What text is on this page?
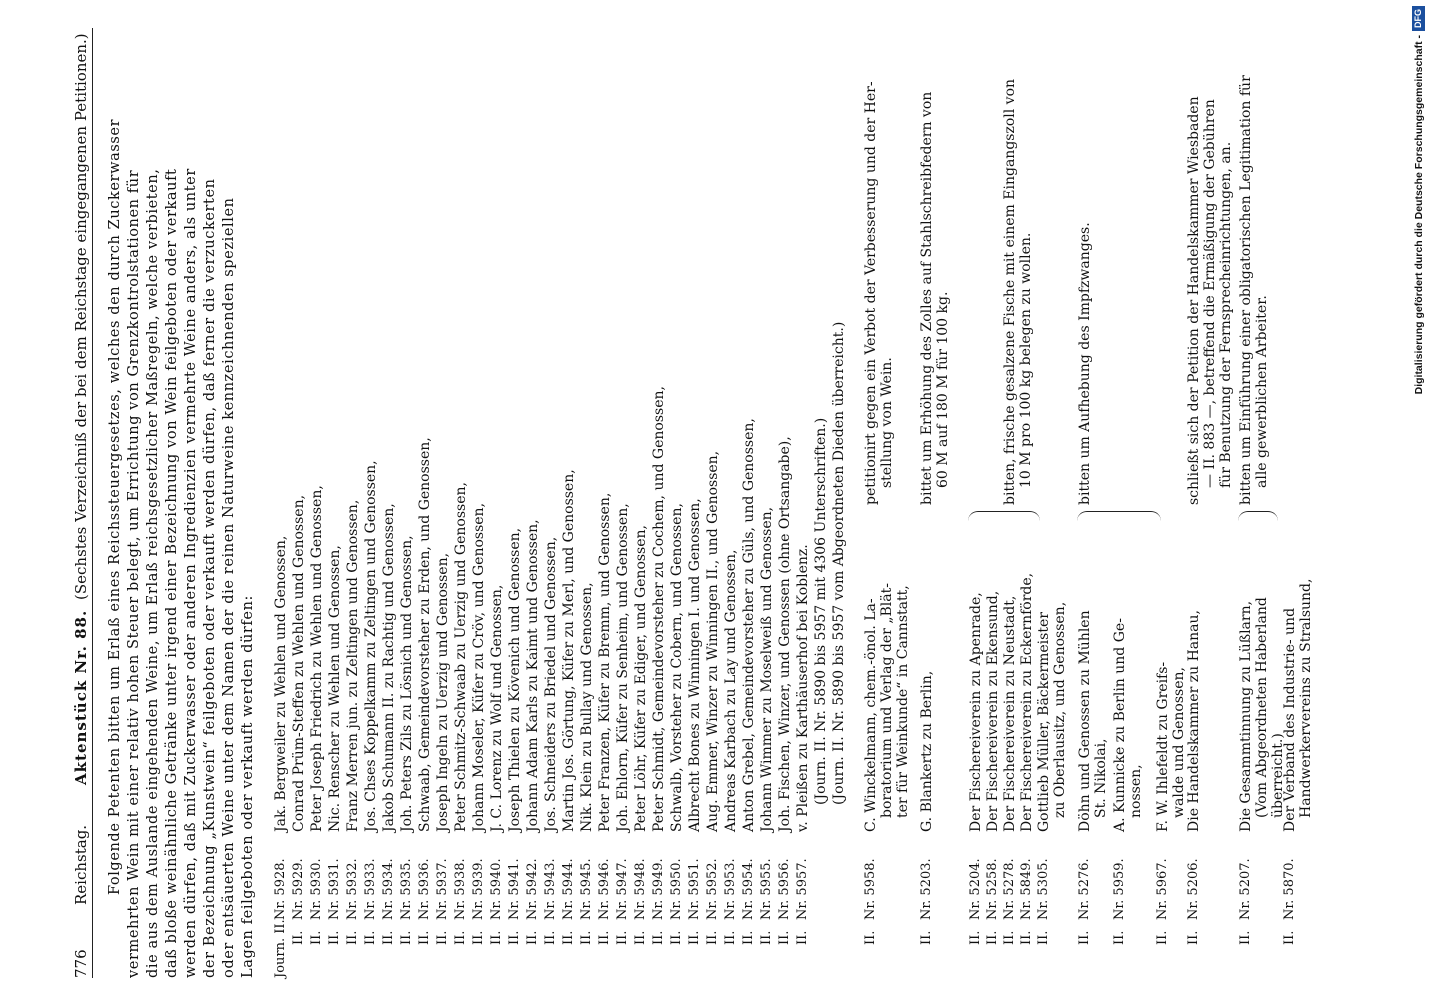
776
Reichstag.
Aktenstück Nr. 88.
(Sechstes Verzeichniß der bei dem Reichstage eingegangenen Petitionen.) Folgende Petenten bitten um Erlaß eines Reichssteuergesetzes, welches den durch Zuckerwasser vermehrten Wein mit einer relativ hohen Steuer belegt, um Errichtung von Grenzkontrolstationen für die aus dem Auslande eingehenden Weine, um Erlaß reichsgesetzlicher Maßregeln, welche verbieten, daß bloße weinähnliche Getränke unter irgend einer Bezeichnung von Wein feilgeboten oder verkauft werden dürfen, daß mit Zuckerwasser oder anderen Ingredienzien vermehrte Weine anders, als unter der Bezeichnung „Kunstwein“ feilgeboten oder verkauft werden dürfen, daß ferner die verzuckerten oder entsäuerten Weine unter dem Namen der die reinen Naturweine kennzeichnenden speziellen Lagen feilgeboten oder verkauft werden dürfen: Journ. II.
Nr. 5928.
Jak. Bergweiler zu Wehlen und Genossen,
II.
Nr. 5929.
Conrad Prüm-Steffen zu Wehlen und Genossen,
II.
Nr. 5930.
Peter Joseph Friedrich zu Wehlen und Genossen,
II.
Nr. 5931.
Nic. Renscher zu Wehlen und Genossen,
II.
Nr. 5932.
Franz Merren jun. zu Zeltingen und Genossen,
II.
Nr. 5933.
Jos. Chses Koppelkamm zu Zeltingen und Genossen,
II.
Nr. 5934.
Jakob Schumann II. zu Rachtig und Genossen,
II.
Nr. 5935.
Joh. Peters Zils zu Lösnich und Genossen,
II.
Nr. 5936.
Schwaab, Gemeindevorsteher zu Erden, und Genossen,
II.
Nr. 5937.
Joseph Ingeln zu Uerzig und Genossen,
II.
Nr. 5938.
Peter Schmitz-Schwaab zu Uerzig und Genossen,
II.
Nr. 5939.
Johann Moseler, Küfer zu Cröv, und Genossen,
II.
Nr. 5940.
J. C. Lorenz zu Wolf und Genossen,
II.
Nr. 5941.
Joseph Thielen zu Kövenich und Genossen,
II.
Nr. 5942.
Johann Adam Karls zu Kaimt und Genossen,
II.
Nr. 5943.
Jos. Schneiders zu Briedel und Genossen,
II.
Nr. 5944.
Martin Jos. Görtung, Küfer zu Merl, und Genossen,
II.
Nr. 5945.
Nik. Klein zu Bullay und Genossen,
II.
Nr. 5946.
Peter Franzen, Küfer zu Bremm, und Genossen,
II.
Nr. 5947.
Joh. Ehlorn, Küfer zu Senheim, und Genossen,
II.
Nr. 5948.
Peter Löhr, Küfer zu Ediger, und Genossen,
II.
Nr. 5949.
Peter Schmidt, Gemeindevorsteher zu Cochem, und Genossen,
II.
Nr. 5950.
Schwalb, Vorsteher zu Cobern, und Genossen,
II.
Nr. 5951.
Albrecht Bones zu Winningen I. und Genossen,
II.
Nr. 5952.
Aug. Emmer, Winzer zu Winningen II., und Genossen,
II.
Nr. 5953.
Andreas Karbach zu Lay und Genossen,
II.
Nr. 5954.
Anton Grebel, Gemeindevorsteher zu Güls, und Genossen,
II.
Nr. 5955.
Johann Wimmer zu Moselweiß und Genossen,
II.
Nr. 5956.
Joh. Fischen, Winzer, und Genossen (ohne Ortsangabe),
II.
Nr. 5957.
v. Pleißen zu Karthäuserhof bei Koblenz. (Journ. II. Nr. 5890 bis 5957 mit 4306 Unterschriften.) (Journ. II. Nr. 5890 bis 5957 vom Abgeordneten Dieden überreicht.)
II.
Nr. 5958.
C. Winckelmann, chem.-önol. La- boratorium und Verlag der „Blät- ter für Weinkunde“ in Cannstatt,
petitionirt gegen ein Verbot der Verbesserung und der Her- stellung von Wein.
II.
Nr. 5203.
G. Blankertz zu Berlin,
bittet um Erhöhung des Zolles auf Stahlschreibfedern von 60 M auf 180 M für 100 kg.
II.
Nr. 5204.
Der Fischereiverein zu Apenrade,
II.
Nr. 5258.
Der Fischereiverein zu Ekensund,
II.
Nr. 5278.
Der Fischereiverein zu Neustadt,
bitten, frische gesalzene Fische mit einem Eingangszoll von 10 M pro 100 kg belegen zu wollen.
II.
Nr. 5849.
Der Fischereiverein zu Eckernförde,
II.
Nr. 5305.
Gottlieb Müller, Bäckermeister zu Oberlausitz, und Genossen,
II.
Nr. 5276.
Döhn und Genossen zu Mühlen St. Nikolai,
bitten um Aufhebung des Impfzwanges.
II.
Nr. 5959.
A. Kunnicke zu Berlin und Ge- nossen,
II.
Nr. 5967.
F. W. Ihlefeldt zu Greifs- walde und Genossen,
II.
Nr. 5206.
Die Handelskammer zu Hanau,
schließt sich der Petition der Handelskammer Wiesbaden — II. 883 —, betreffend die Ermäßigung der Gebühren für Benutzung der Fernsprecheinrichtungen, an.
II.
Nr. 5207.
Die Gesammtinnung zu Lüßlarn, (Vom Abgeordneten Haberland überreicht.)
bitten um Einführung einer obligatorischen Legitimation für alle gewerblichen Arbeiter.
II.
Nr. 5870.
Der Verband des Industrie- und Handwerkervereins zu Stralsund,
Digitalisierung gefördert durch die Deutsche Forschungsgemeinschaft -
DFG
